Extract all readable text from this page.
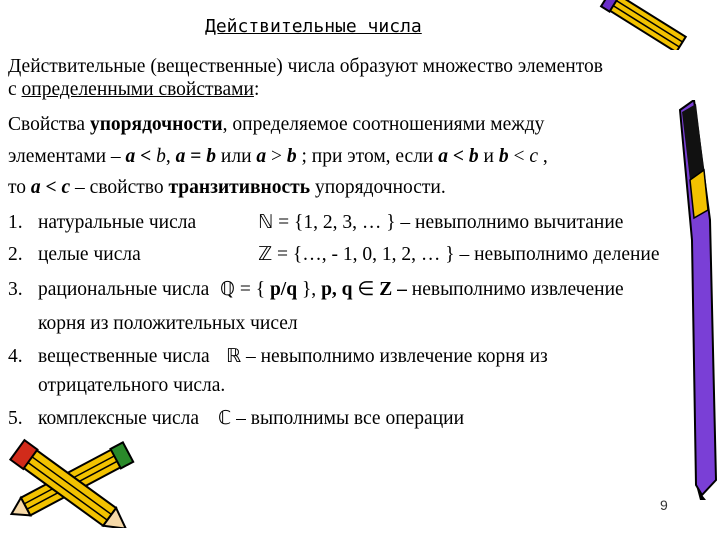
Действительные числа
Действительные (вещественные) числа образуют множество элементов
с определенными свойствами:
Свойства упорядочности, определяемое соотношениями между
элементами – a < b, a = b или a > b ; при этом, если a < b и b < c ,
то a < c – свойство транзитивность упорядочности.
1. натуральные числа	ℕ = {1, 2, 3, … } – невыполнимо вычитание
2. целые числа	ℤ = {…, - 1, 0, 1, 2, … } – невыполнимо деление
3. рациональные числа ℚ = { p/q }, p, q ∈ Z – невыполнимо извлечение
корня из положительных чисел
4. вещественные числа ℝ – невыполнимо извлечение корня из
отрицательного числа.
5. комплексные числа ℂ – выполнимы все операции
9
